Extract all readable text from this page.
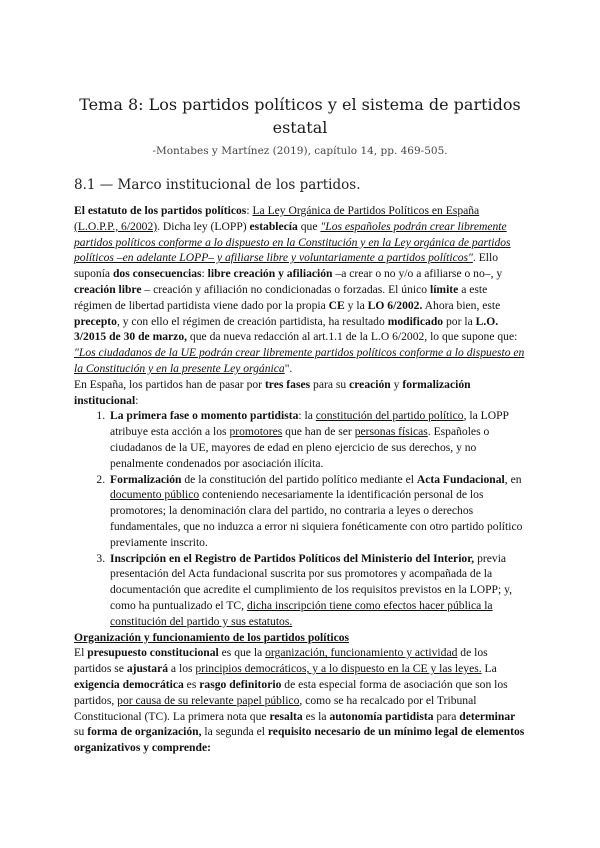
Tema 8: Los partidos políticos y el sistema de partidos estatal
-Montabes y Martínez (2019), capítulo 14, pp. 469-505.
8.1 — Marco institucional de los partidos.

El estatuto de los partidos políticos: La Ley Orgánica de Partidos Políticos en España (L.O.P.P., 6/2002). Dicha ley (LOPP) establecía que "Los españoles podrán crear libremente partidos políticos conforme a lo dispuesto en la Constitución y en la Ley orgánica de partidos políticos –en adelante LOPP– y afiliarse libre y voluntariamente a partidos políticos". Ello suponía dos consecuencias: libre creación y afiliación –a crear o no y/o a afiliarse o no–, y creación libre – creación y afiliación no condicionadas o forzadas. El único límite a este régimen de libertad partidista viene dado por la propia CE y la LO 6/2002. Ahora bien, este precepto, y con ello el régimen de creación partidista, ha resultado modificado por la L.O. 3/2015 de 30 de marzo, que da nueva redacción al art.1.1 de la L.O 6/2002, lo que supone que: "Los ciudadanos de la UE podrán crear libremente partidos políticos conforme a lo dispuesto en la Constitución y en la presente Ley orgánica".

En España, los partidos han de pasar por tres fases para su creación y formalización institucional:

1. La primera fase o momento partidista: la constitución del partido político, la LOPP atribuye esta acción a los promotores que han de ser personas físicas. Españoles o ciudadanos de la UE, mayores de edad en pleno ejercicio de sus derechos, y no penalmente condenados por asociación ilícita.
2. Formalización de la constitución del partido político mediante el Acta Fundacional, en documento público conteniendo necesariamente la identificación personal de los promotores; la denominación clara del partido, no contraria a leyes o derechos fundamentales, que no induzca a error ni siquiera fonéticamente con otro partido político previamente inscrito.
3. Inscripción en el Registro de Partidos Políticos del Ministerio del Interior, previa presentación del Acta fundacional suscrita por sus promotores y acompañada de la documentación que acredite el cumplimiento de los requisitos previstos en la LOPP; y, como ha puntualizado el TC, dicha inscripción tiene como efectos hacer pública la constitución del partido y sus estatutos.

Organización y funcionamiento de los partidos políticos

El presupuesto constitucional es que la organización, funcionamiento y actividad de los partidos se ajustará a los principios democráticos, y a lo dispuesto en la CE y las leyes. La exigencia democrática es rasgo definitorio de esta especial forma de asociación que son los partidos, por causa de su relevante papel público, como se ha recalcado por el Tribunal Constitucional (TC). La primera nota que resalta es la autonomía partidista para determinar su forma de organización, la segunda el requisito necesario de un mínimo legal de elementos organizativos y comprende:
